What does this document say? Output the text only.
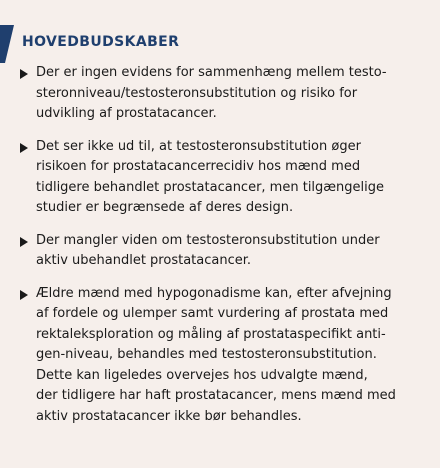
HOVEDBUDSKABER
Der er ingen evidens for sammenhæng mellem testo-
steronniveau/testosteronsubstitution og risiko for
udvikling af prostatacancer.
Det ser ikke ud til, at testosteronsubstitution øger
risikoen for prostatacancerrecidiv hos mænd med
tidligere behandlet prostatacancer, men tilgængelige
studier er begrænsede af deres design.
Der mangler viden om testosteronsubstitution under
aktiv ubehandlet prostatacancer.
Ældre mænd med hypogonadisme kan, efter afvejning
af fordele og ulemper samt vurdering af prostata med
rektaleksploration og måling af prostataspecifikt anti-
gen-niveau, behandles med testosteronsubstitution.
Dette kan ligeledes overvejes hos udvalgte mænd,
der tidligere har haft prostatacancer, mens mænd med
aktiv prostatacancer ikke bør behandles.
